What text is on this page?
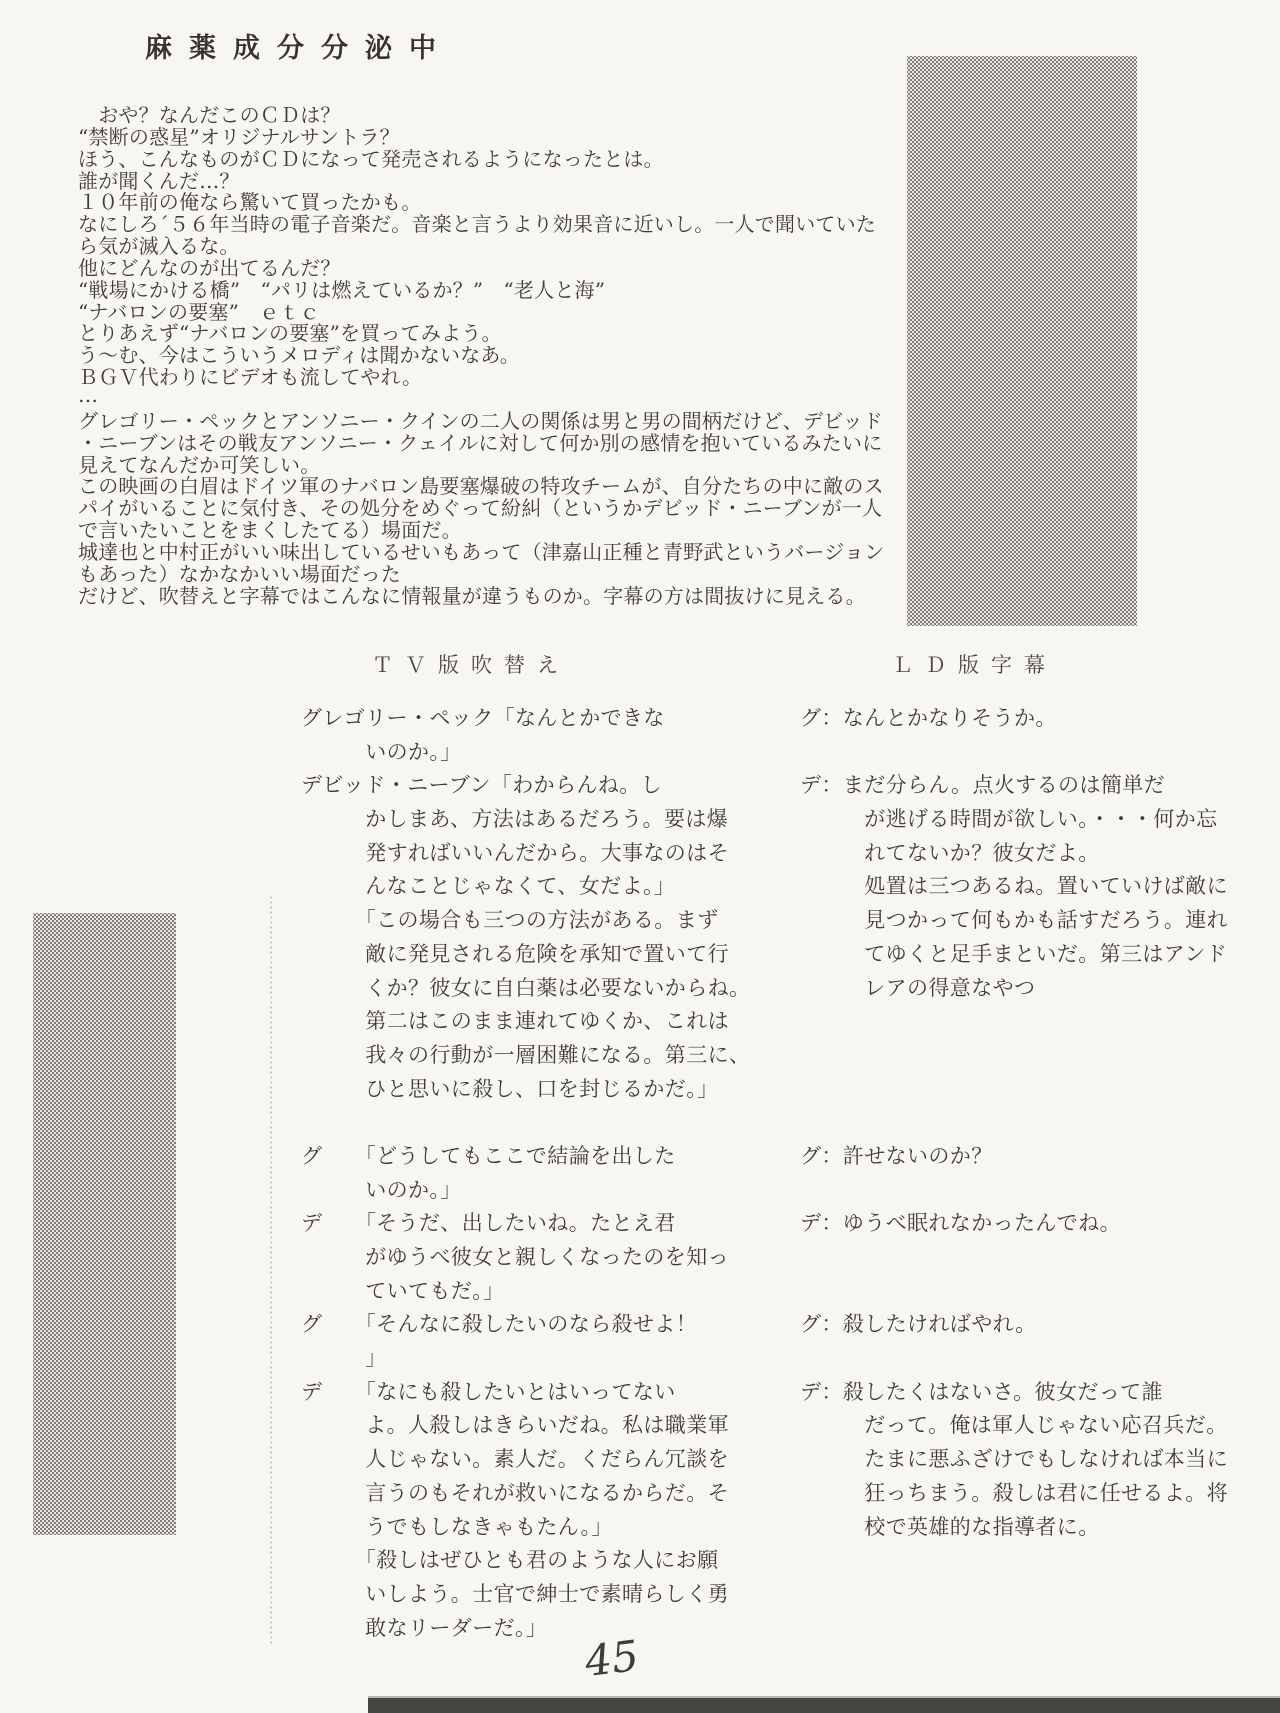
麻薬成分分泌中
　おや？なんだこのＣＤは？
“禁断の惑星”オリジナルサントラ？
ほう、こんなものがＣＤになって発売されるようになったとは。
誰が聞くんだ…？
１０年前の俺なら驚いて買ったかも。
なにしろ´５６年当時の電子音楽だ。音楽と言うより効果音に近いし。一人で聞いていた
ら気が滅入るな。
他にどんなのが出てるんだ？
“戦場にかける橋”　“パリは燃えているか？”　“老人と海”
“ナバロンの要塞”　ｅｔｃ
とりあえず“ナバロンの要塞”を買ってみよう。
う〜む、今はこういうメロディは聞かないなあ。
ＢＧＶ代わりにビデオも流してやれ。
…
グレゴリー・ペックとアンソニー・クインの二人の関係は男と男の間柄だけど、デビッド
・ニーブンはその戦友アンソニー・クェイルに対して何か別の感情を抱いているみたいに
見えてなんだか可笑しい。
この映画の白眉はドイツ軍のナバロン島要塞爆破の特攻チームが、自分たちの中に敵のス
パイがいることに気付き、その処分をめぐって紛糾（というかデビッド・ニーブンが一人
で言いたいことをまくしたてる）場面だ。
城達也と中村正がいい味出しているせいもあって（津嘉山正種と青野武というバージョン
もあった）なかなかいい場面だった
だけど、吹替えと字幕ではこんなに情報量が違うものか。字幕の方は間抜けに見える。
ＴＶ版吹替え	ＬＤ版字幕
グレゴリー・ペック「なんとかできな
　　　いのか。」
デビッド・ニーブン「わからんね。し
　　　かしまあ、方法はあるだろう。要は爆
　　　発すればいいんだから。大事なのはそ
　　　んなことじゃなくて、女だよ。」
　　　「この場合も三つの方法がある。まず
　　　敵に発見される危険を承知で置いて行
　　　くか？彼女に自白薬は必要ないからね。
　　　第二はこのまま連れてゆくか、これは
　　　我々の行動が一層困難になる。第三に、
　　　ひと思いに殺し、口を封じるかだ。」

グ　　「どうしてもここで結論を出した
　　　いのか。」
デ　　「そうだ、出したいね。たとえ君
　　　がゆうべ彼女と親しくなったのを知っ
　　　ていてもだ。」
グ　　「そんなに殺したいのなら殺せよ！
　　　」
デ　　「なにも殺したいとはいってない
　　　よ。人殺しはきらいだね。私は職業軍
　　　人じゃない。素人だ。くだらん冗談を
　　　言うのもそれが救いになるからだ。そ
　　　うでもしなきゃもたん。」
　　　「殺しはぜひとも君のような人にお願
　　　いしよう。士官で紳士で素晴らしく勇
　　　敢なリーダーだ。」
グ：なんとかなりそうか。

デ：まだ分らん。点火するのは簡単だ
　　　が逃げる時間が欲しい。・・・何か忘
　　　れてないか？彼女だよ。
　　　処置は三つあるね。置いていけば敵に
　　　見つかって何もかも話すだろう。連れ
　　　てゆくと足手まといだ。第三はアンド
　　　レアの得意なやつ

グ：許せないのか？

デ：ゆうべ眠れなかったんでね。

グ：殺したければやれ。

デ：殺したくはないさ。彼女だって誰
　　　だって。俺は軍人じゃない応召兵だ。
　　　たまに悪ふざけでもしなければ本当に
　　　狂っちまう。殺しは君に任せるよ。将
　　　校で英雄的な指導者に。
45
